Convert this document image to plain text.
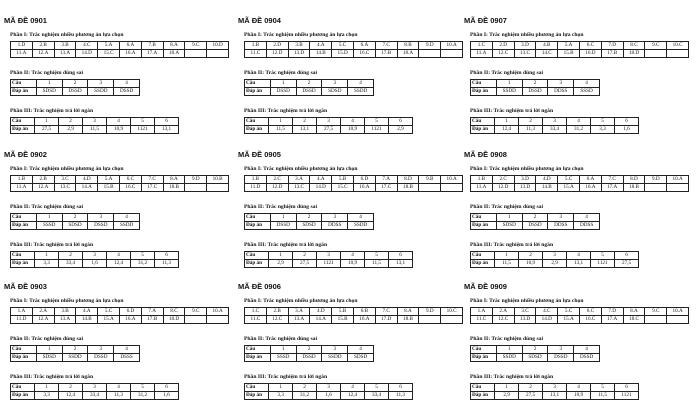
MÃ ĐỀ 0901
Phần I: Trắc nghiệm nhiều phương án lựa chọn
1.D	2.B	3.B	4.C	5.A	6.A	7.B	8.A	9.C	10.D
11.A	12.A	13.A	14.D	15.C	16.A	17.A	18.A		
Phần II: Trắc nghiệm đúng sai
Câu	1	2	3	4
Đáp án	SDSD	DSSD	SSDD	DSSD
Phần III: Trắc nghiệm trả lời ngắn
Câu	1	2	3	4	5	6
Đáp án	27,5	2,9	11,5	10,9	1121	13,1
MÃ ĐỀ 0902
Phần I: Trắc nghiệm nhiều phương án lựa chọn
1.B	2.B	3.C	4.D	5.A	6.C	7.C	8.A	9.D	10.B
11.A	12.A	13.C	14.A	15.B	16.C	17.C	18.B		
Phần II: Trắc nghiệm đúng sai
Câu	1	2	3	4
Đáp án	SSSD	SDSD	DSSD	SSDD
Phần III: Trắc nghiệm trả lời ngắn
Câu	1	2	3	4	5	6
Đáp án	3,3	33,4	1,6	12,4	31,2	11,3
MÃ ĐỀ 0903
Phần I: Trắc nghiệm nhiều phương án lựa chọn
1.A	2.A	3.B	4.A	5.C	6.D	7.A	8.C	9.C	10.A
11.D	12.A	13.A	14.B	15.A	16.A	17.B	18.D		
Phần II: Trắc nghiệm đúng sai
Câu	1	2	3	4
Đáp án	SDSD	SSDD	DSSD	DSSS
Phần III: Trắc nghiệm trả lời ngắn
Câu	1	2	3	4	5	6
Đáp án	3,3	12,4	33,4	11,3	31,2	1,6
MÃ ĐỀ 0904
Phần I: Trắc nghiệm nhiều phương án lựa chọn
1.B	2.D	3.B	4.A	5.C	6.A	7.C	8.B	9.D	10.A
11.C	12.D	13.D	14.B	15.D	16.C	17.B	18.A		
Phần II: Trắc nghiệm đúng sai
Câu	1	2	3	4
Đáp án	DSSD	DSSD	SDSD	SSDD
Phần III: Trắc nghiệm trả lời ngắn
Câu	1	2	3	4	5	6
Đáp án	11,5	13,1	27,5	10,9	1121	2,9
MÃ ĐỀ 0905
Phần I: Trắc nghiệm nhiều phương án lựa chọn
1.B	2.C	3.A	4.A	5.B	6.D	7.A	8.D	9.B	10.A
11.D	12.D	13.C	14.D	15.C	16.A	17.C	18.B		
Phần II: Trắc nghiệm đúng sai
Câu	1	2	3	4
Đáp án	DSSD	SDSD	DDSS	SSDD
Phần III: Trắc nghiệm trả lời ngắn
Câu	1	2	3	4	5	6
Đáp án	2,9	27,5	1121	10,9	11,5	13,1
MÃ ĐỀ 0906
Phần I: Trắc nghiệm nhiều phương án lựa chọn
1.C	2.B	3.A	4.D	5.B	6.B	7.C	8.A	9.D	10.C
11.C	12.C	13.A	14.A	15.B	16.A	17.D	18.B		
Phần II: Trắc nghiệm đúng sai
Câu	1	2	3	4
Đáp án	SSSD	DSSD	SSDD	SDSD
Phần III: Trắc nghiệm trả lời ngắn
Câu	1	2	3	4	5	6
Đáp án	3,3	31,2	1,6	12,4	33,4	11,3
MÃ ĐỀ 0907
Phần I: Trắc nghiệm nhiều phương án lựa chọn
1.C	2.D	3.D	4.B	5.A	6.C	7.D	8.C	9.C	10.C
11.A	12.C	13.C	14.C	15.B	16.D	17.B	18.D		
Phần II: Trắc nghiệm đúng sai
Câu	1	2	3	4
Đáp án	SSDD	DSSD	DDSS	SSSD
Phần III: Trắc nghiệm trả lời ngắn
Câu	1	2	3	4	5	6
Đáp án	12,4	11,3	33,4	31,2	3,3	1,6
MÃ ĐỀ 0908
Phần I: Trắc nghiệm nhiều phương án lựa chọn
1.B	2.C	3.D	4.D	5.C	6.A	7.C	8.D	9.D	10.A
11.A	12.D	13.D	14.B	15.A	16.A	17.A	18.B		
Phần II: Trắc nghiệm đúng sai
Câu	1	2	3	4
Đáp án	SDSD	DSSD	DDSS	DDSS
Phần III: Trắc nghiệm trả lời ngắn
Câu	1	2	3	4	5	6
Đáp án	11,5	10,9	2,9	13,1	1121	27,5
MÃ ĐỀ 0909
Phần I: Trắc nghiệm nhiều phương án lựa chọn
1.A	2.A	3.C	4.C	5.C	6.C	7.D	8.A	9.C	10.A
11.C	12.C	13.D	14.D	15.A	16.C	17.A	18.C		
Phần II: Trắc nghiệm đúng sai
Câu	1	2	3	4
Đáp án	SSDD	SDSD	DSSD	DSSD
Phần III: Trắc nghiệm trả lời ngắn
Câu	1	2	3	4	5	6
Đáp án	2,9	27,5	13,1	10,9	11,5	1121
